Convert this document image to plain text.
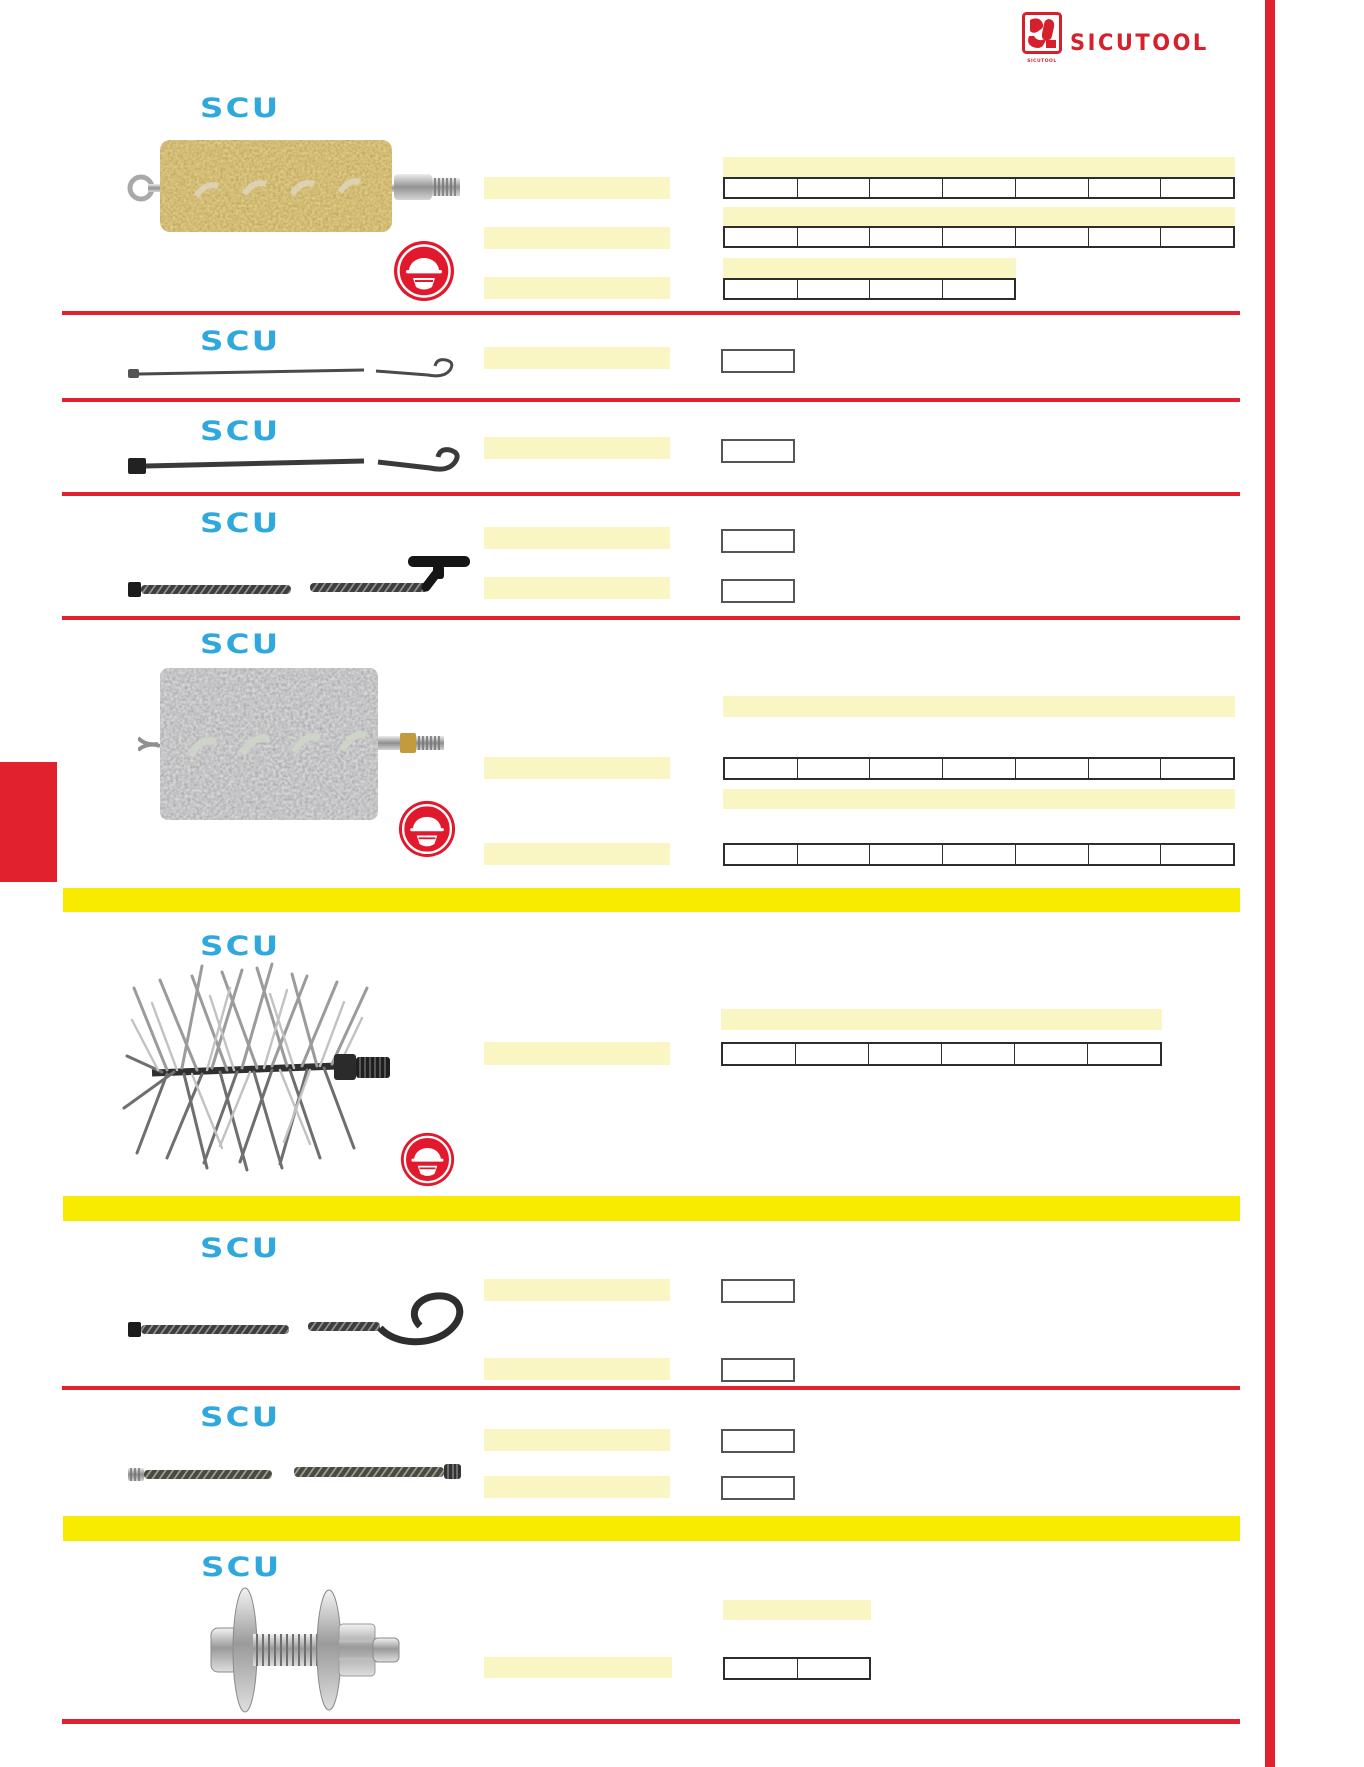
SICUTOOL
SICUTOOL
SCU
SCU
SCU
SCU
SCU
SCU
SCU
SCU
SCU
